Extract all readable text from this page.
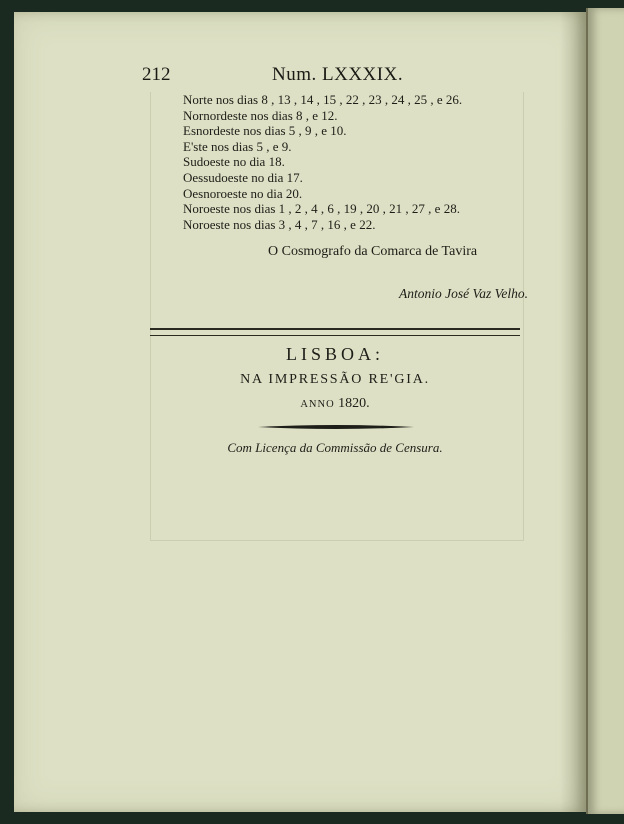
212	Num. LXXXIX.
Norte nos dias 8 , 13 , 14 , 15 , 22 , 23 , 24 , 25 , e 26.
Nornordeste nos dias 8 , e 12.
Esnordeste nos dias 5 , 9 , e 10.
E'ste nos dias 5 , e 9.
Sudoeste no dia 18.
Oessudoeste no dia 17.
Oesnoroeste no dia 20.
Noroeste nos dias 1 , 2 , 4 , 6 , 19 , 20 , 21 , 27 , e 28.
Noroeste nos dias 3 , 4 , 7 , 16 , e 22.
O Cosmografo da Comarca de Tavira
Antonio José Vaz Velho.
LISBOA:
NA IMPRESSÃO RE'GIA.
ANNO 1820.
Com Licença da Commissão de Censura.
